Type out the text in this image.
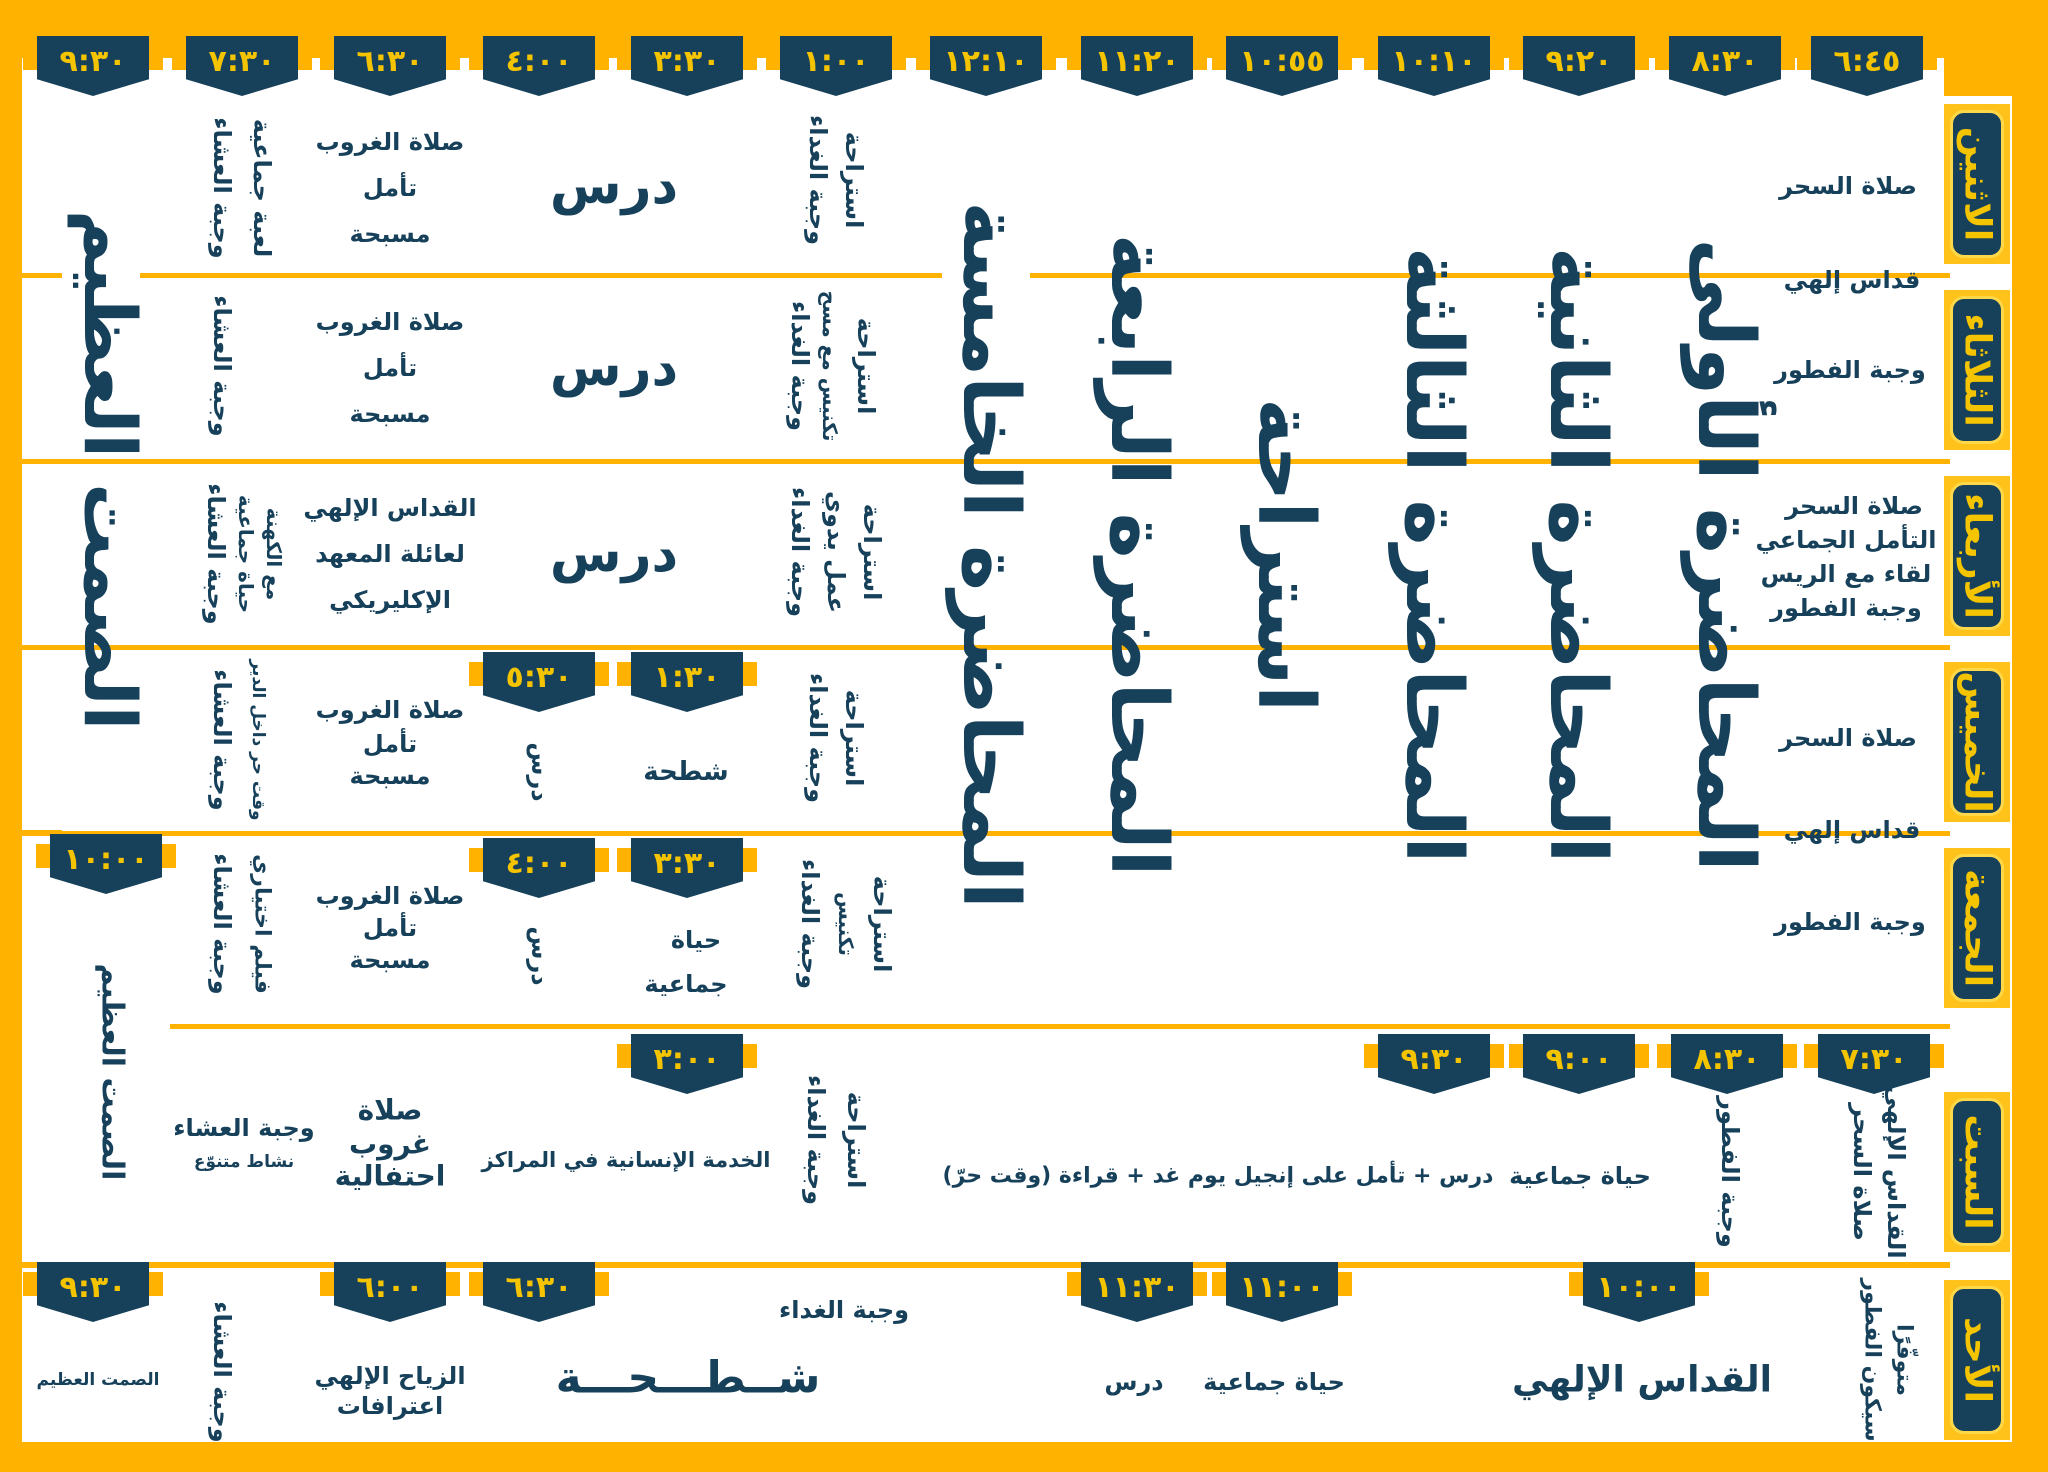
٦:٤٥
٨:٣٠
٩:٢٠
١٠:١٠
١٠:٥٥
١١:٢٠
١٢:١٠
١:٠٠
٣:٣٠
٤:٠٠
٦:٣٠
٧:٣٠
٩:٣٠
الاثنين
الثلاثاء
الأربعاء
الخميس
الجمعة
السبت
الأحد
صلاة السحر
قداس إلهي
وجبة الفطور
صلاة السحر
التأمل الجماعي
لقاء مع الريس
وجبة الفطور
صلاة السحر
قداس إلهي
وجبة الفطور
المحاضرة الأولى
المحاضرة الثانية
المحاضرة الثالثة
استراحة
المحاضرة الرابعة
المحاضرة الخامسة
الصمت العظيم
وجبة الغداء استراحة
وجبة الغداء تكنيس مع مسح استراحة
وجبة الغداء عمل يدوي استراحة
وجبة الغداء استراحة
وجبة الغداء تكنيس استراحة
درس
درس
درس
صلاة الغروب
تأمل
مسبحة
صلاة الغروب
تأمل
مسبحة
القداس الإلهي
لعائلة المعهد
الإكليريكي
صلاة الغروب
تأمل
مسبحة
صلاة الغروب
تأمل
مسبحة
وجبة العشاء لعبة جماعية
وجبة العشاء
وجبة العشاء حياة جماعية مع الكهنة
وجبة العشاء وقت حر داخل الدير
وجبة العشاء فيلم اختياري
١:٣٠
٥:٣٠
شطحة
درس
٣:٣٠
٤:٠٠
حياة
جماعية
درس
١٠:٠٠
الصمت العظيم	٧:٣٠
٨:٣٠
٩:٠٠
٩:٣٠
٣:٠٠
صلاة السحر القداس الإلهي
وجبة الفطور
حياة جماعية
درس + تأمل على إنجيل يوم غد + قراءة (وقت حرّ)
وجبة الغداء استراحة
الخدمة الإنسانية في المراكز
صلاة
غروب
احتفالية
وجبة العشاء
نشاط متنوّع
١٠:٠٠
١١:٠٠
١١:٣٠
٦:٣٠
٦:٠٠
٩:٣٠	سيكون الفطور متوفّرًا
القداس الإلهي
حياة جماعية
درس
وجبة الغداء
شــطـــحـــة
الزياح الإلهي
اعترافات
وجبة العشاء
الصمت العظيم
